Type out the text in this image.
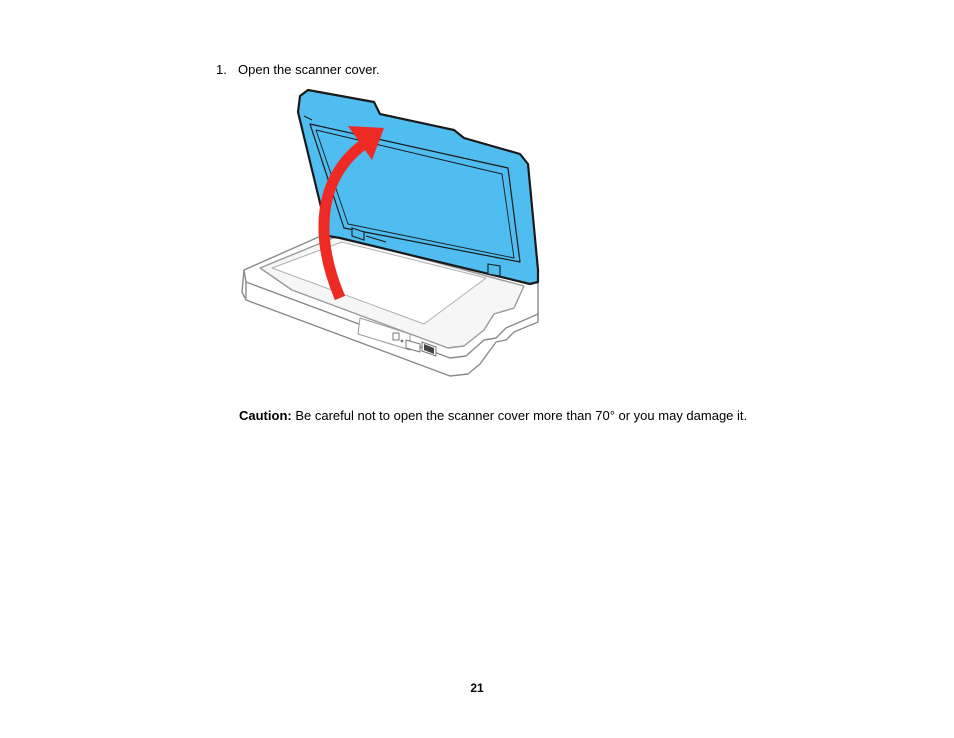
1. Open the scanner cover.
Caution: Be careful not to open the scanner cover more than 70° or you may damage it.
21
